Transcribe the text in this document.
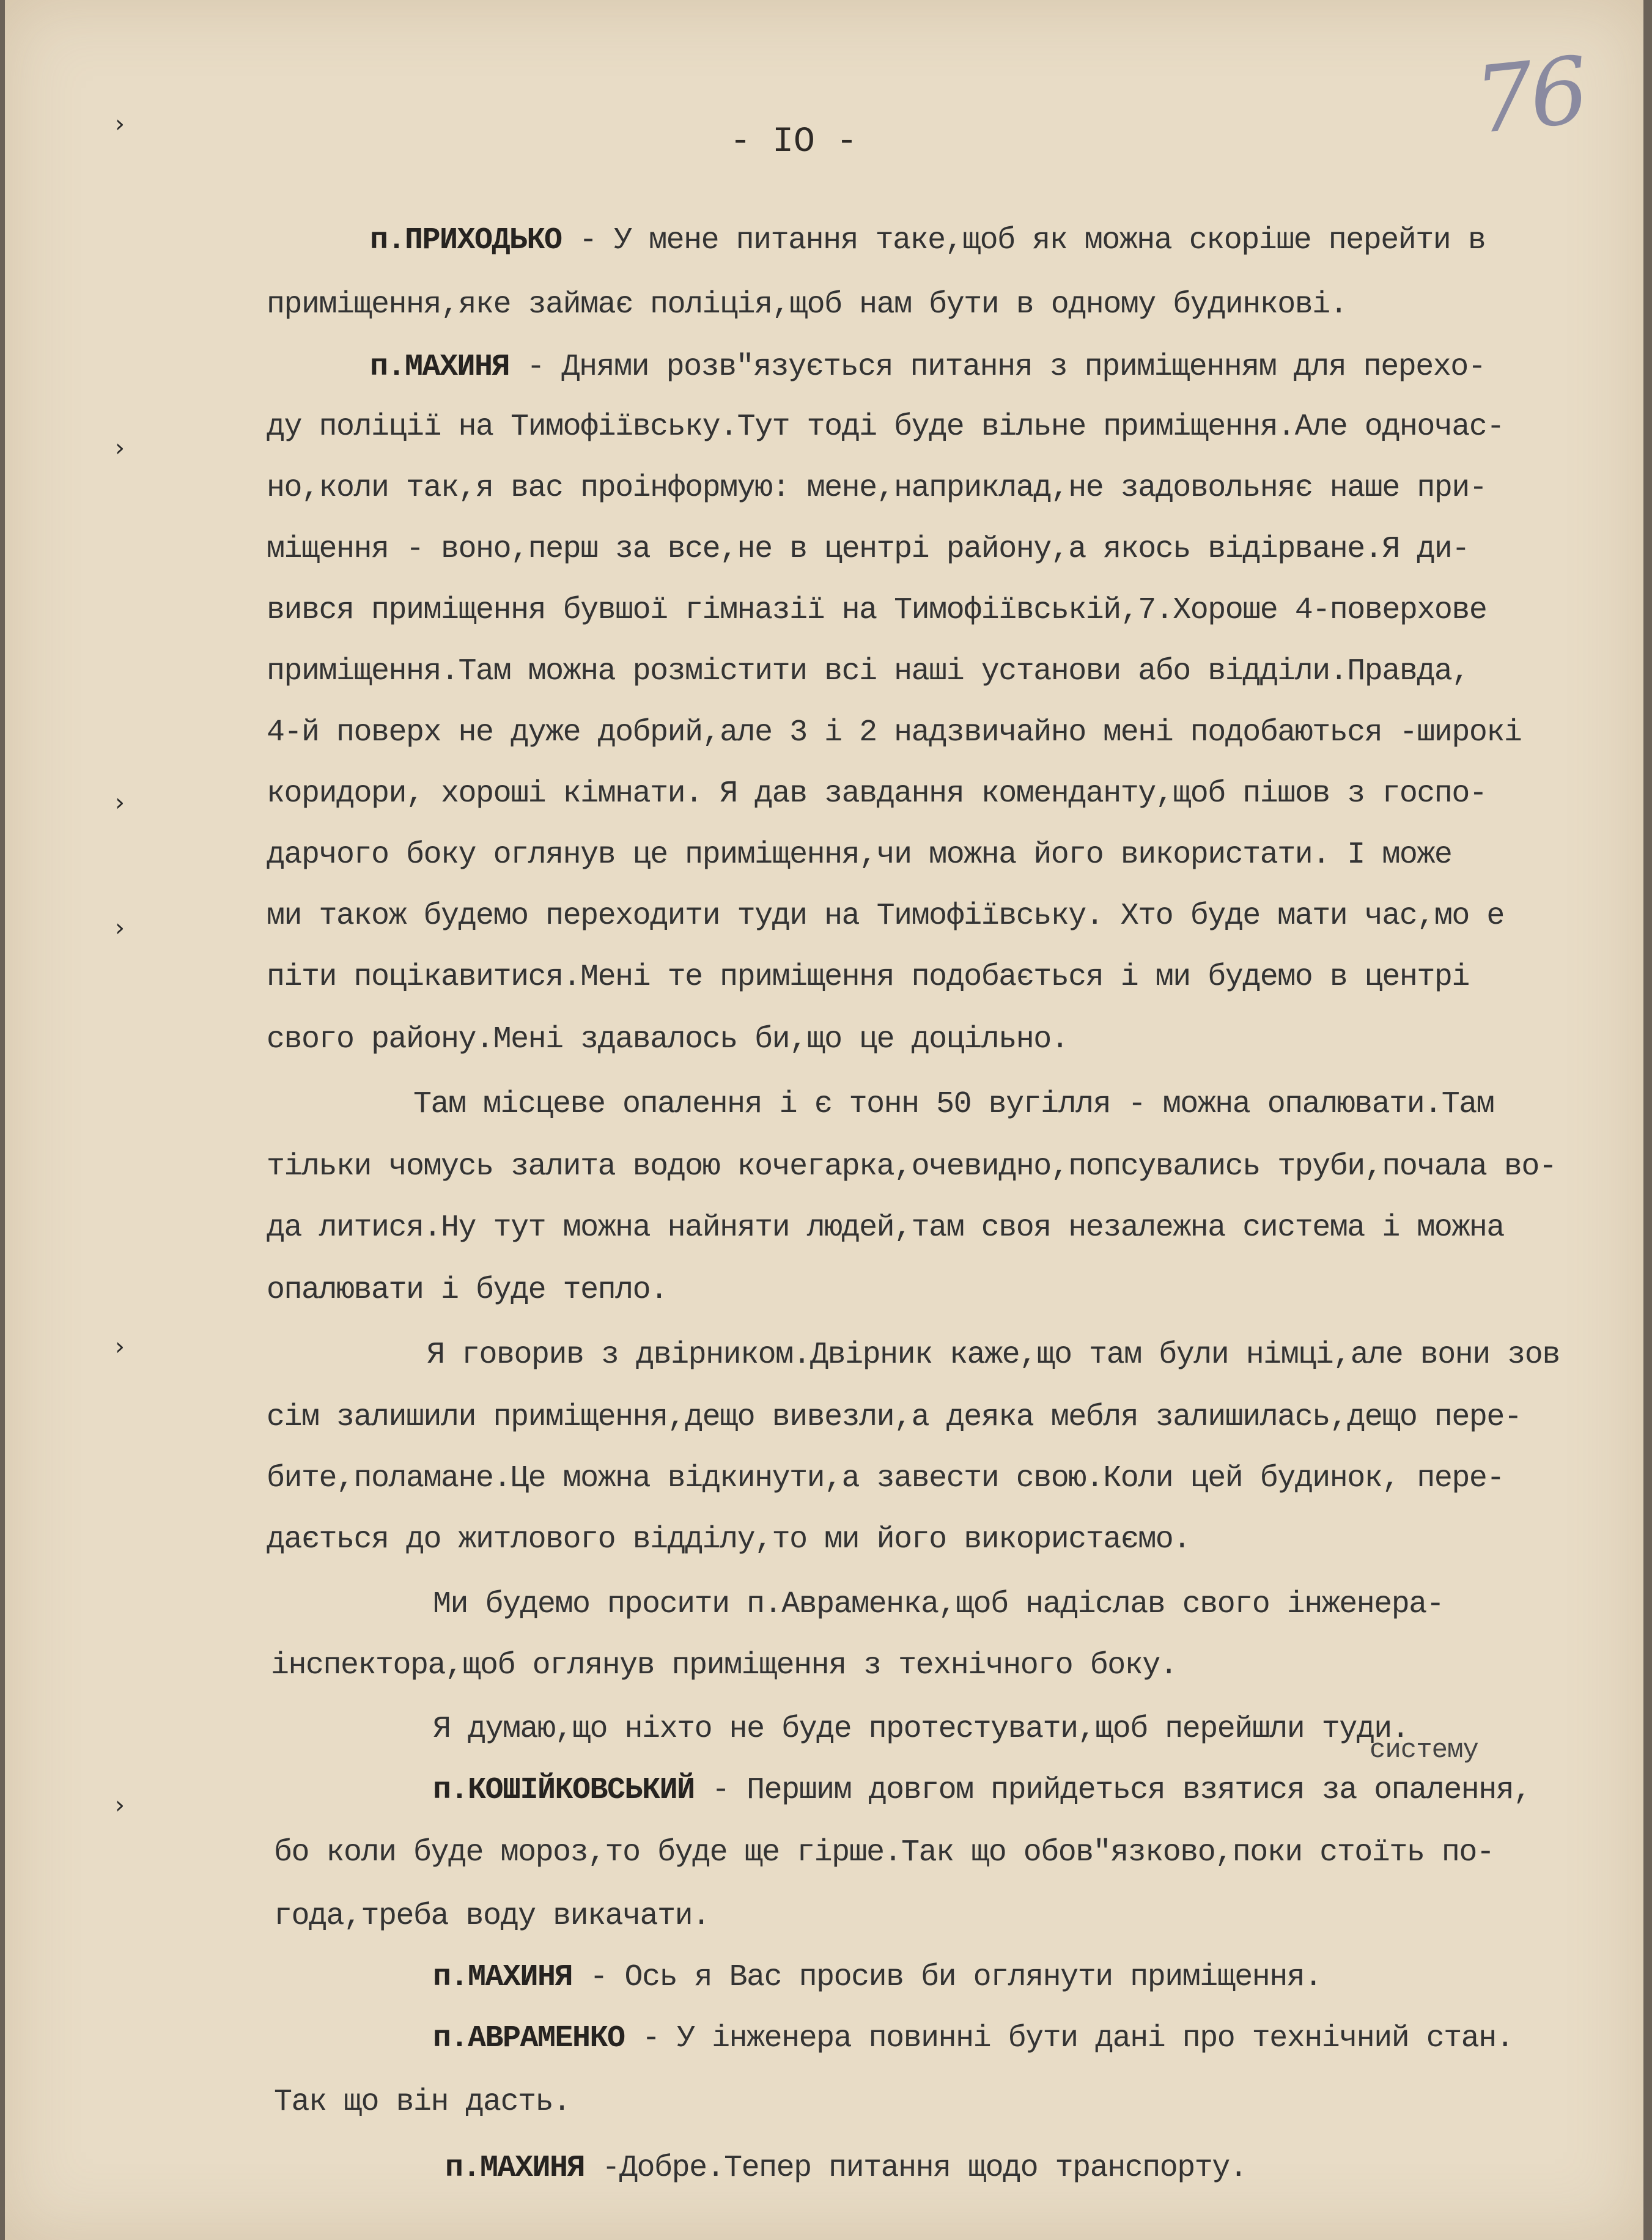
76
- IO -
›
›
›
›
›
›
п.ПРИХОДЬКО - У мене питання таке,щоб як можна скоріше перейти в
приміщення,яке займає поліція,щоб нам бути в одному будинкові.
п.МАХИНЯ - Днями розв"язується питання з приміщенням для перехо-
ду поліції на Тимофіївську.Тут тоді буде вільне приміщення.Але одночас-
но,коли так,я вас проінформую: мене,наприклад,не задовольняє наше при-
міщення - воно,перш за все,не в центрі району,а якось відірване.Я ди-
вився приміщення бувшої гімназії на Тимофіївській,7.Хороше 4-поверхове
приміщення.Там можна розмістити всі наші установи або відділи.Правда,
4-й поверх не дуже добрий,але 3 і 2 надзвичайно мені подобаються -широкі
коридори, хороші кімнати. Я дав завдання коменданту,щоб пішов з госпо-
дарчого боку оглянув це приміщення,чи можна його використати. І може
ми також будемо переходити туди на Тимофіївську. Хто буде мати час,мо е
піти поцікавитися.Мені те приміщення подобається і ми будемо в центрі
свого району.Мені здавалось би,що це доцільно.
Там місцеве опалення і є тонн 50 вугілля - можна опалювати.Там
тільки чомусь залита водою кочегарка,очевидно,попсувались труби,почала во-
да литися.Ну тут можна найняти людей,там своя незалежна система і можна
опалювати і буде тепло.
Я говорив з двірником.Двірник каже,що там були німці,але вони зов
сім залишили приміщення,дещо вивезли,а деяка мебля залишилась,дещо пере-
бите,поламане.Це можна відкинути,а завести свою.Коли цей будинок, пере-
дається до житлового відділу,то ми його використаємо.
Ми будемо просити п.Авраменка,щоб надіслав свого інженера-
інспектора,щоб оглянув приміщення з технічного боку.
Я думаю,що ніхто не буде протестувати,щоб перейшли туди.
п.КОШІЙКОВСЬКИЙ - Першим довгом прийдеться взятися за опалення,
бо коли буде мороз,то буде ще гірше.Так що обов"язково,поки стоїть по-
года,треба воду викачати.
п.МАХИНЯ - Ось я Вас просив би оглянути приміщення.
п.АВРАМЕНКО - У інженера повинні бути дані про технічний стан.
Так що він дасть.
п.МАХИНЯ -Добре.Тепер питання щодо транспорту.
систему
